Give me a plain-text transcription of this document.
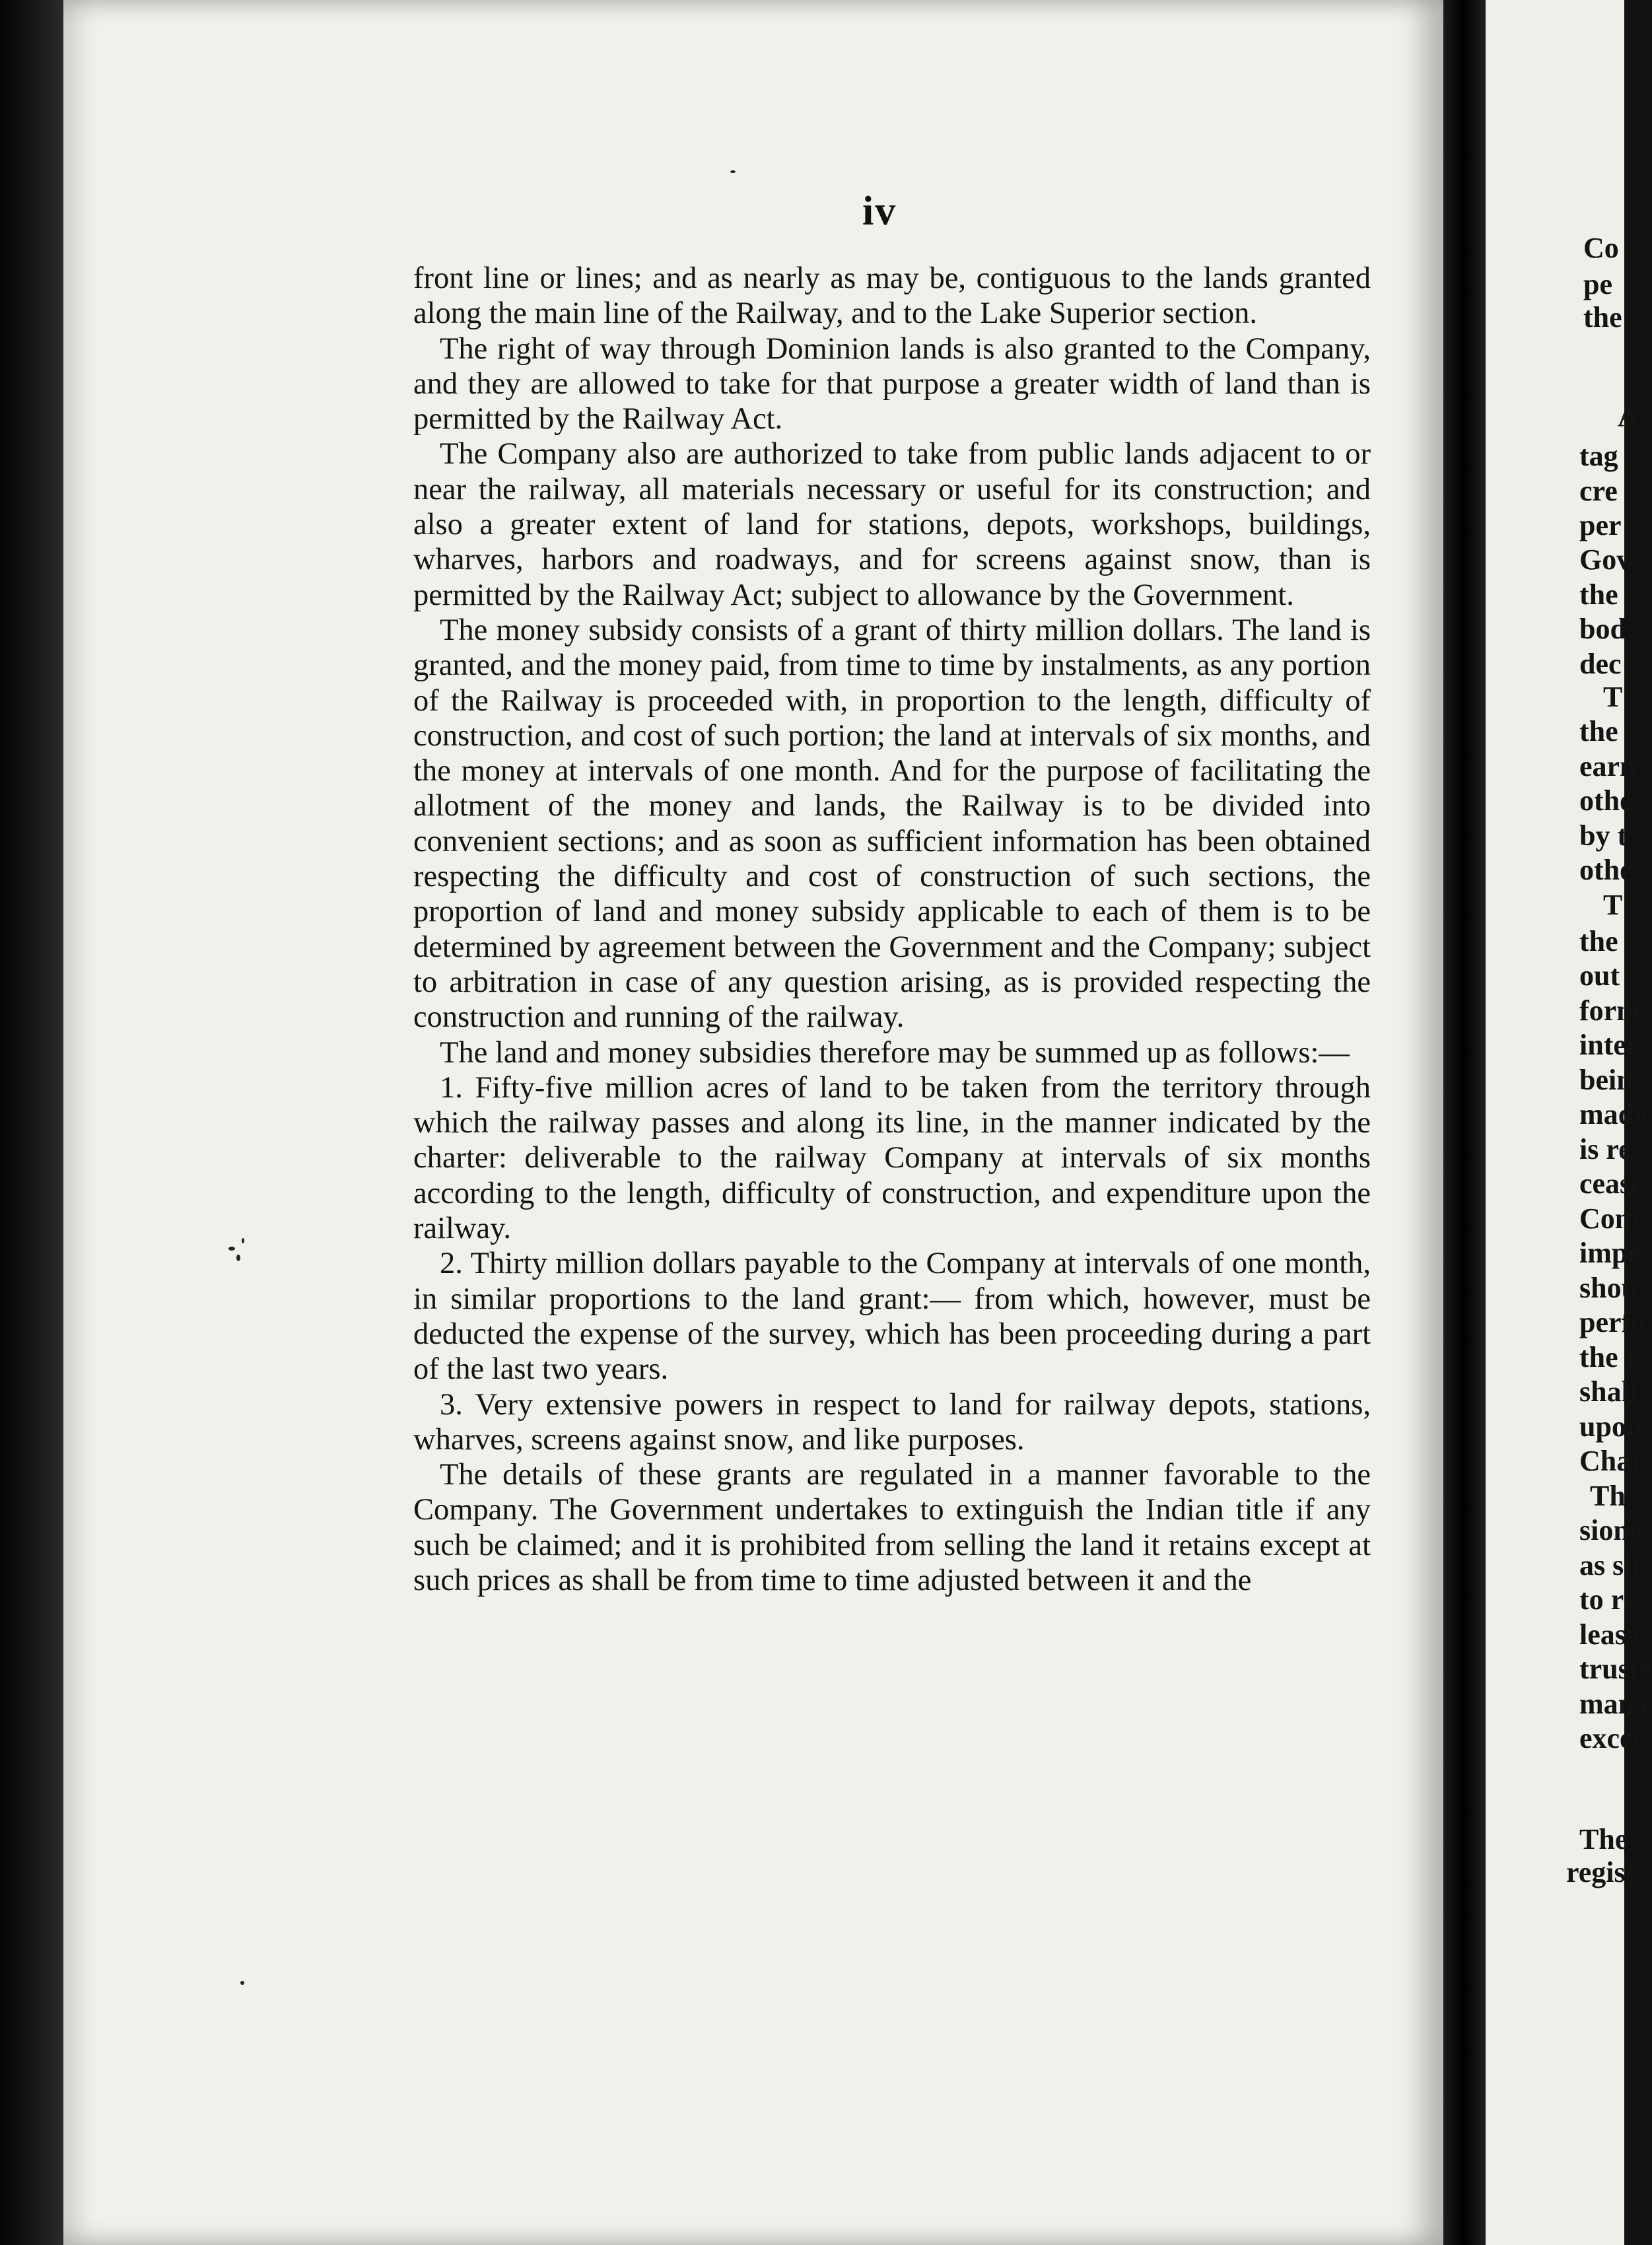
iv

front line or lines; and as nearly as may be, contiguous to the lands granted along the main line of the Railway, and to the Lake Superior section.

The right of way through Dominion lands is also granted to the Company, and they are allowed to take for that purpose a greater width of land than is permitted by the Railway Act.

The Company also are authorized to take from public lands adjacent to or near the railway, all materials necessary or useful for its construction; and also a greater extent of land for stations, depots, workshops, buildings, wharves, harbors and roadways, and for screens against snow, than is permitted by the Railway Act; subject to allowance by the Government.

The money subsidy consists of a grant of thirty million dollars. The land is granted, and the money paid, from time to time by instalments, as any portion of the Railway is proceeded with, in proportion to the length, difficulty of construction, and cost of such portion; the land at intervals of six months, and the money at intervals of one month. And for the purpose of facilitating the allotment of the money and lands, the Railway is to be divided into convenient sections; and as soon as sufficient information has been obtained respecting the difficulty and cost of construction of such sections, the proportion of land and money subsidy applicable to each of them is to be determined by agreement between the Government and the Company; subject to arbitration in case of any question arising, as is provided respecting the construction and running of the railway.

The land and money subsidies therefore may be summed up as follows:—

1. Fifty-five million acres of land to be taken from the territory through which the railway passes and along its line, in the manner indicated by the charter: deliverable to the railway Company at intervals of six months according to the length, difficulty of construction, and expenditure upon the railway.

2. Thirty million dollars payable to the Company at intervals of one month, in similar proportions to the land grant:— from which, however, must be deducted the expense of the survey, which has been proceeding during a part of the last two years.

3. Very extensive powers in respect to land for railway depots, stations, wharves, screens against snow, and like purposes.

The details of these grants are regulated in a manner favorable to the Company. The Government undertakes to extinguish the Indian title if any such be claimed; and it is prohibited from selling the land it retains except at such prices as shall be from time to time adjusted between it and the

Co
pe
the
A
tag
cre
per
Gov
the
bod
dec
T
the
earn
othe
by t
othe
T
the
out
form
inter
bein
made
is re
cease
Com
impo
shou
perfo
the C
shall
upon
Char
Th
sione
as sh
to re
lease
truste
mana
excee
The
regist
